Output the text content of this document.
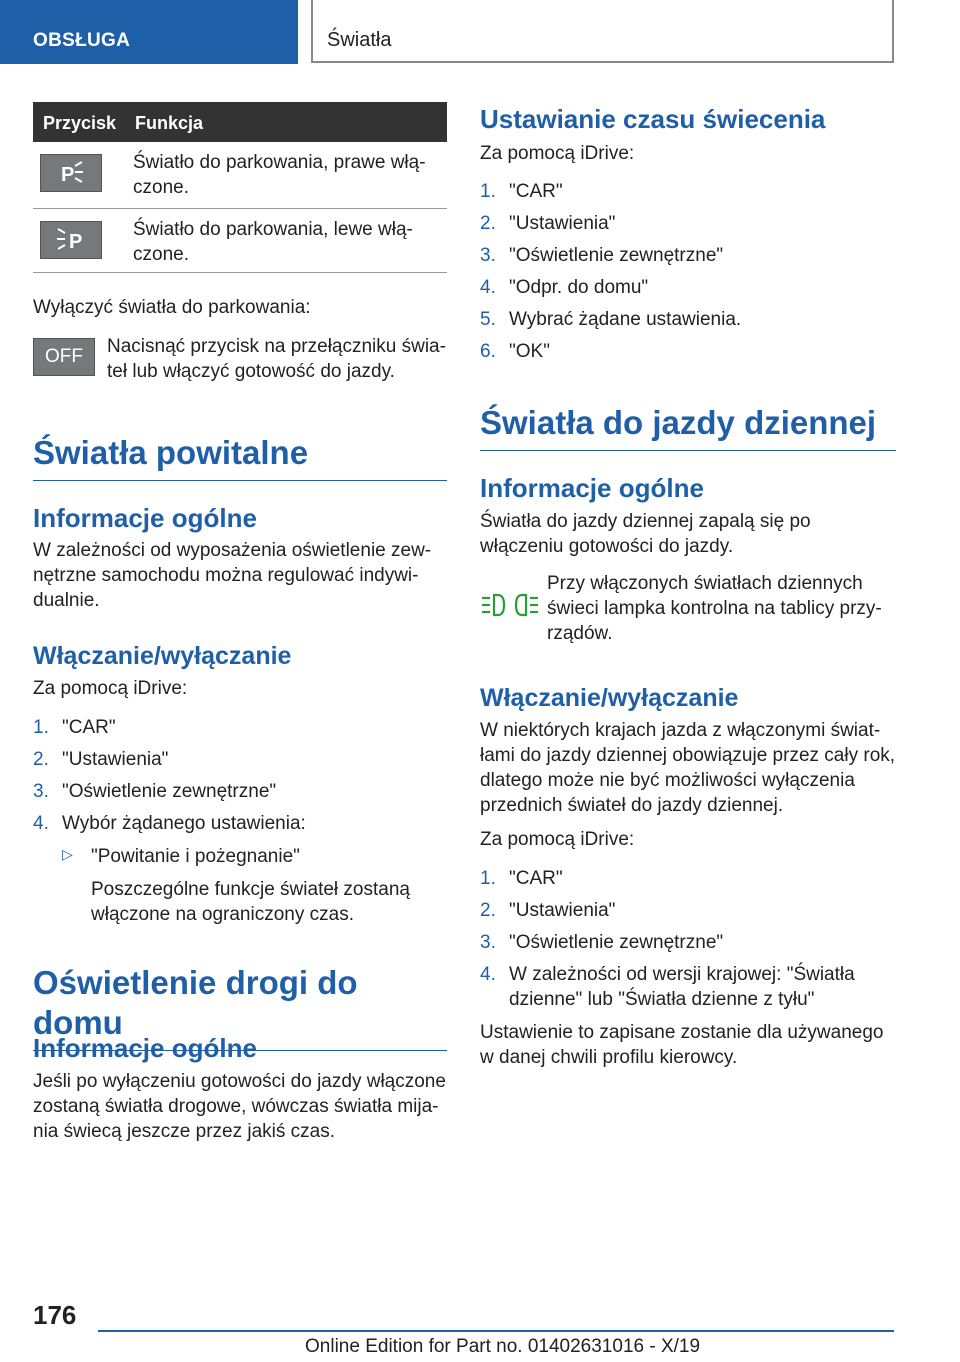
OBSŁUGA	Światła
Przycisk Funkcja
P
Światło do parkowania, prawe włą-czone.
P
Światło do parkowania, lewe włą-czone.

Wyłączyć światła do parkowania:

OFF	Nacisnąć przycisk na przełączniku świa-teł lub włączyć gotowość do jazdy.

Światła powitalne
Informacje ogólne

W zależności od wyposażenia oświetlenie zew-nętrzne samochodu można regulować indywi-dualnie.

Włączanie/wyłączanie

Za pomocą iDrive:

1. "CAR"
2. "Ustawienia"
3. "Oświetlenie zewnętrzne"
4. Wybór żądanego ustawienia:
▷ "Powitanie i pożegnanie"

Poszczególne funkcje świateł zostaną włączone na ograniczony czas.

Oświetlenie drogi do domu
Informacje ogólne

Jeśli po wyłączeniu gotowości do jazdy włączone zostaną światła drogowe, wówczas światła mija-nia świecą jeszcze przez jakiś czas.

Ustawianie czasu świecenia

Za pomocą iDrive:

1. "CAR"
2. "Ustawienia"
3. "Oświetlenie zewnętrzne"
4. "Odpr. do domu"
5. Wybrać żądane ustawienia.
6. "OK"
Światła do jazdy dziennej
Informacje ogólne

Światła do jazdy dziennej zapalą się po włączeniu gotowości do jazdy.

Przy włączonych światłach dziennych świeci lampka kontrolna na tablicy przy-rządów.

Włączanie/wyłączanie

W niektórych krajach jazda z włączonymi świat-łami do jazdy dziennej obowiązuje przez cały rok, dlatego może nie być możliwości wyłączenia przednich świateł do jazdy dziennej.

Za pomocą iDrive:

1. "CAR"
2. "Ustawienia"
3. "Oświetlenie zewnętrzne"
4. W zależności od wersji krajowej: "Światła dzienne" lub "Światła dzienne z tyłu"

Ustawienie to zapisane zostanie dla używanego w danej chwili profilu kierowcy.

176
Online Edition for Part no. 01402631016 - X/19
